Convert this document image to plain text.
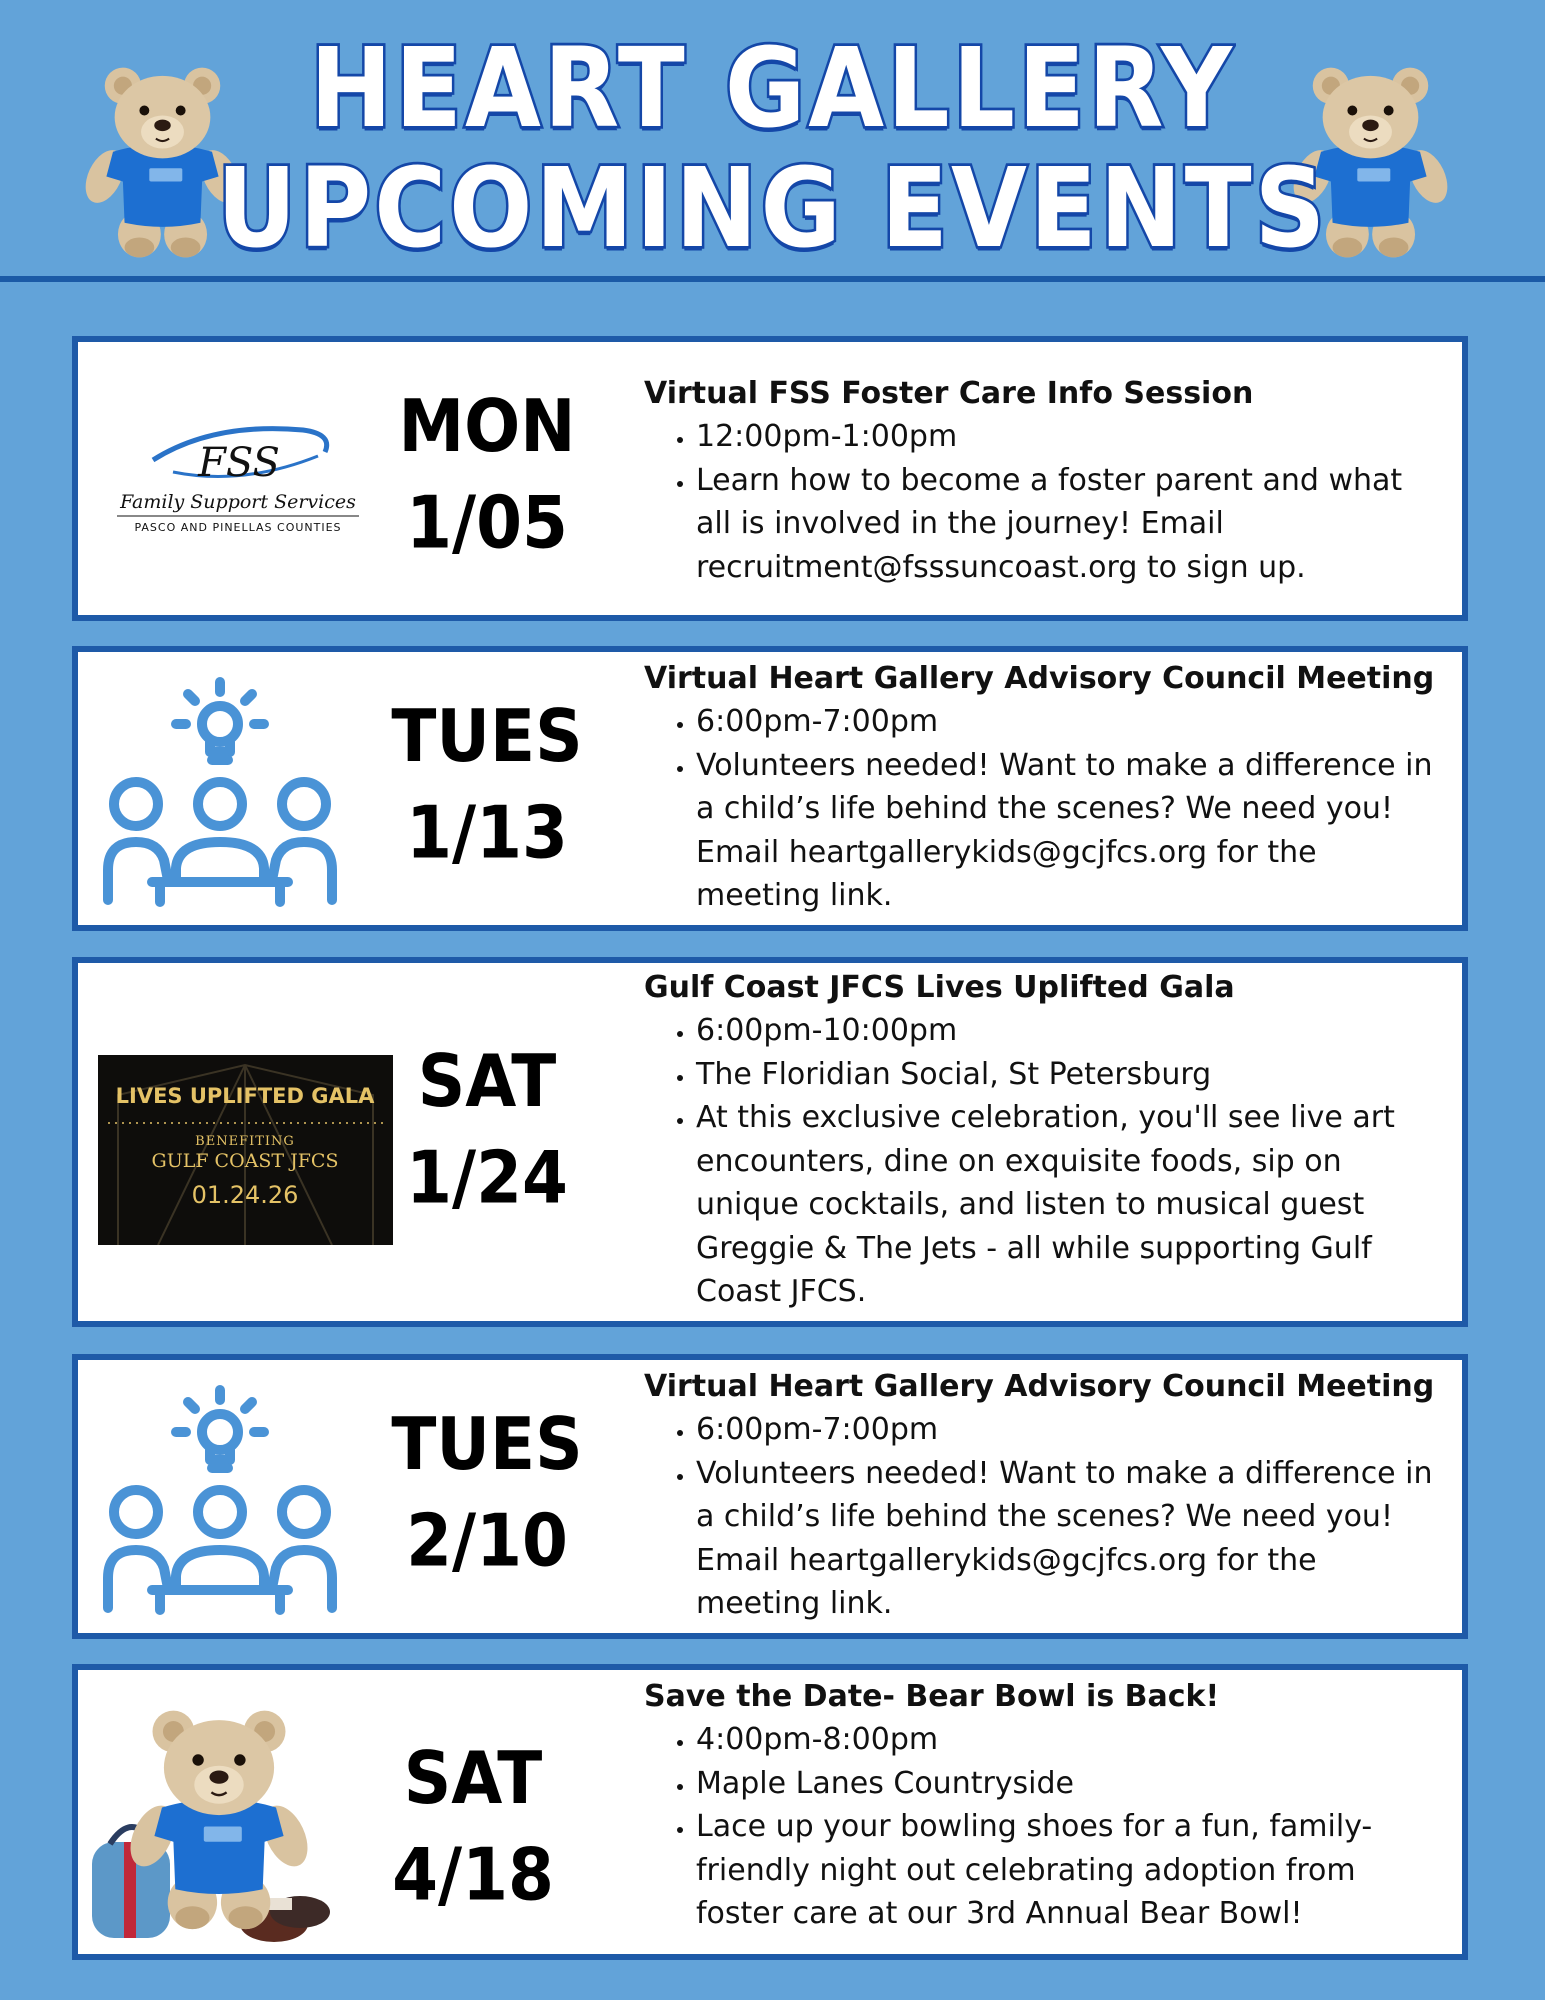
HEART GALLERY
UPCOMING EVENTS
FSS
Family Support Services
PASCO AND PINELLAS COUNTIES
MON
1/05

Virtual FSS Foster Care Info Session

• 12:00pm-1:00pm
• Learn how to become a foster parent and what all is involved in the journey! Email recruitment@fsssuncoast.org to sign up.
TUES
1/13

Virtual Heart Gallery Advisory Council Meeting

• 6:00pm-7:00pm
• Volunteers needed! Want to make a difference in a child’s life behind the scenes? We need you! Email heartgallerykids@gcjfcs.org for the meeting link.
LIVES UPLIFTED GALA
BENEFITING
GULF COAST JFCS
01.24.26
SAT
1/24

Gulf Coast JFCS Lives Uplifted Gala

• 6:00pm-10:00pm
• The Floridian Social, St Petersburg
• At this exclusive celebration, you'll see live art encounters, dine on exquisite foods, sip on unique cocktails, and listen to musical guest Greggie & The Jets - all while supporting Gulf Coast JFCS.
TUES
2/10

Virtual Heart Gallery Advisory Council Meeting

• 6:00pm-7:00pm
• Volunteers needed! Want to make a difference in a child’s life behind the scenes? We need you! Email heartgallerykids@gcjfcs.org for the meeting link.
SAT
4/18

Save the Date- Bear Bowl is Back!

• 4:00pm-8:00pm
• Maple Lanes Countryside
• Lace up your bowling shoes for a fun, family-friendly night out celebrating adoption from foster care at our 3rd Annual Bear Bowl!
